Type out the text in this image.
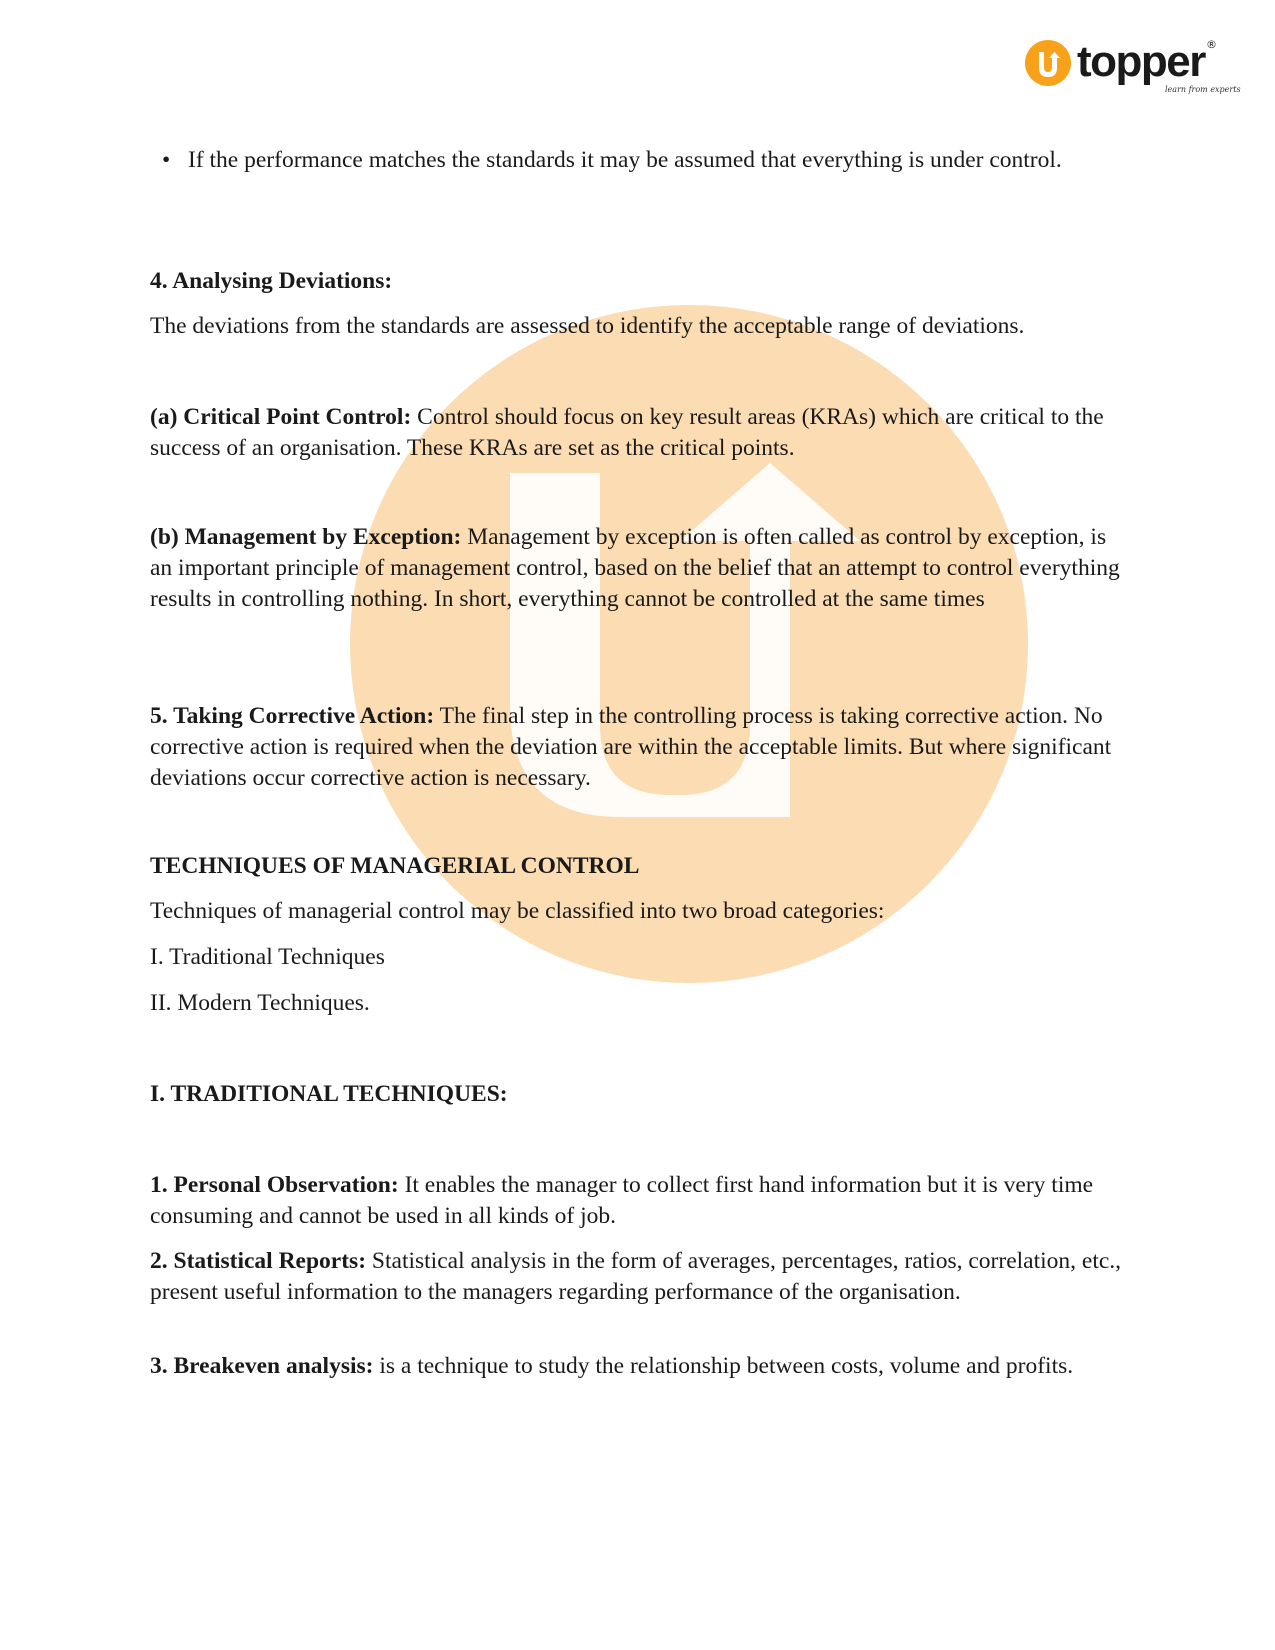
topper ®
learn from experts
• If the performance matches the standards it may be assumed that everything is under control.

4. Analysing Deviations:

The deviations from the standards are assessed to identify the acceptable range of deviations.

(a) Critical Point Control: Control should focus on key result areas (KRAs) which are critical to the success of an organisation. These KRAs are set as the critical points.

(b) Management by Exception: Management by exception is often called as control by exception, is an important principle of management control, based on the belief that an attempt to control everything results in controlling nothing. In short, everything cannot be controlled at the same times

5. Taking Corrective Action: The final step in the controlling process is taking corrective action. No corrective action is required when the deviation are within the acceptable limits. But where significant deviations occur corrective action is necessary.

TECHNIQUES OF MANAGERIAL CONTROL

Techniques of managerial control may be classified into two broad categories:

I. Traditional Techniques

II. Modern Techniques.

I. TRADITIONAL TECHNIQUES:

1. Personal Observation: It enables the manager to collect first hand information but it is very time consuming and cannot be used in all kinds of job.

2. Statistical Reports: Statistical analysis in the form of averages, percentages, ratios, correlation, etc., present useful information to the managers regarding performance of the organisation.

3. Breakeven analysis: is a technique to study the relationship between costs, volume and profits.
